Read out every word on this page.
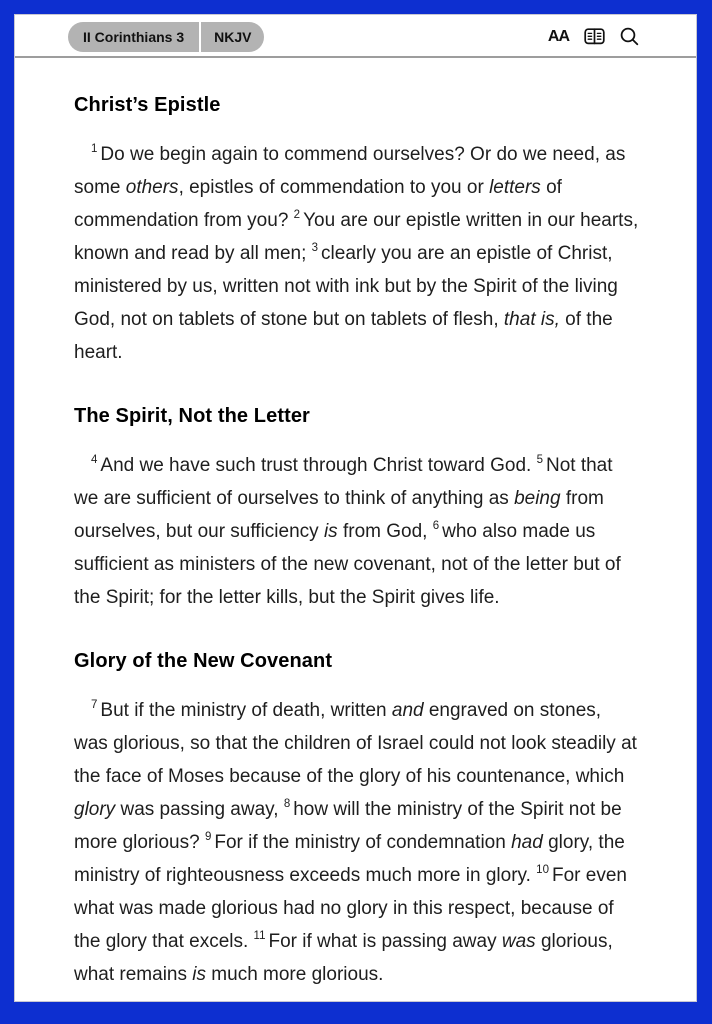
II Corinthians 3	NKJV	AA
Christ’s Epistle

$^1$ Do we begin again to commend ourselves? Or do we need, as some others, epistles of commendation to you or letters of commendation from you? $^2$ You are our epistle written in our hearts, known and read by all men; $^3$ clearly you are an epistle of Christ, ministered by us, written not with ink but by the Spirit of the living God, not on tablets of stone but on tablets of flesh, that is, of the heart.

The Spirit, Not the Letter

$^4$ And we have such trust through Christ toward God. $^5$ Not that we are sufficient of ourselves to think of anything as being from ourselves, but our sufficiency is from God, $^6$ who also made us sufficient as ministers of the new covenant, not of the letter but of the Spirit; for the letter kills, but the Spirit gives life.

Glory of the New Covenant

$^7$ But if the ministry of death, written and engraved on stones, was glorious, so that the children of Israel could not look steadily at the face of Moses because of the glory of his countenance, which glory was passing away, $^8$ how will the ministry of the Spirit not be more glorious? $^9$ For if the ministry of condemnation had glory, the ministry of righteousness exceeds much more in glory. $^{10}$ For even what was made glorious had no glory in this respect, because of the glory that excels. $^{11}$ For if what is passing away was glorious, what remains is much more glorious.
